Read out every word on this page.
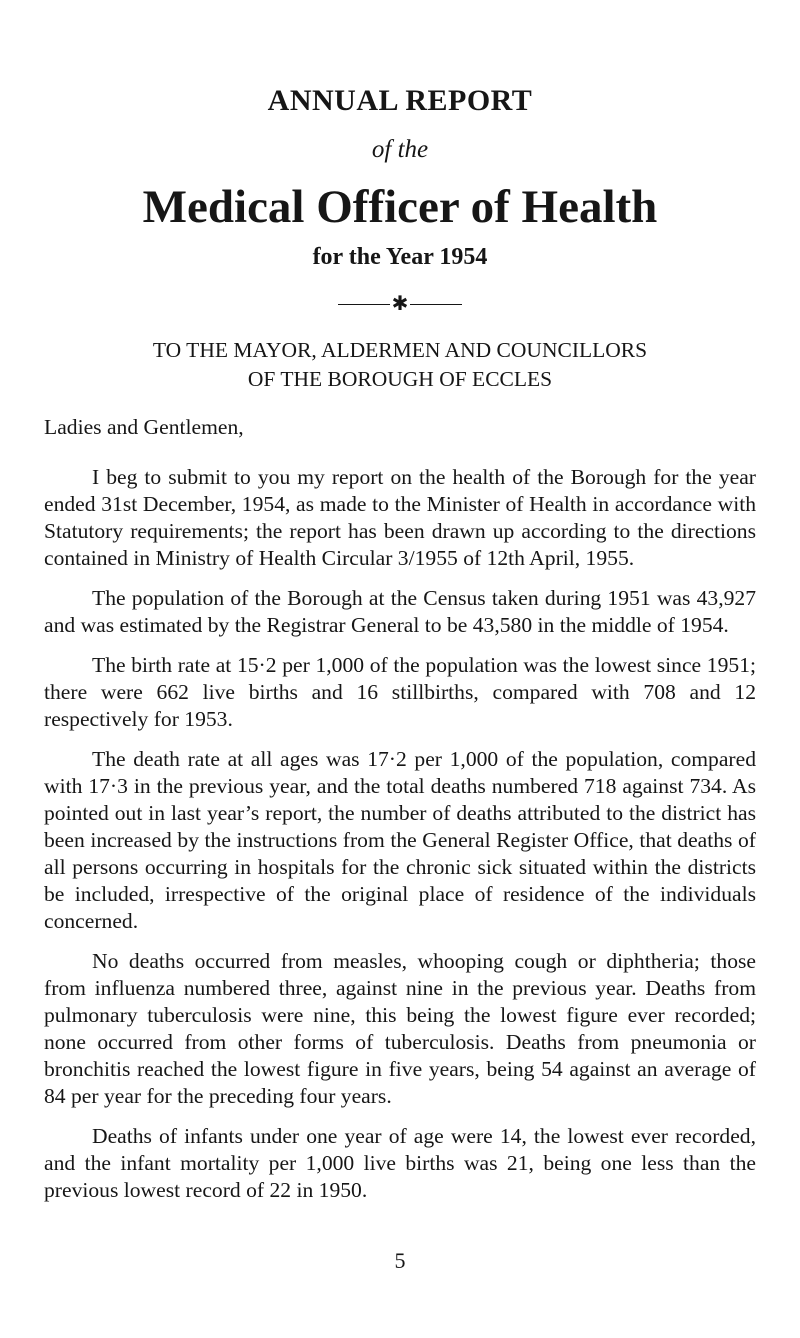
ANNUAL REPORT
of the
Medical Officer of Health
for the Year 1954
✱
TO THE MAYOR, ALDERMEN AND COUNCILLORS
OF THE BOROUGH OF ECCLES
Ladies and Gentlemen,

I beg to submit to you my report on the health of the Borough for the year ended 31st December, 1954, as made to the Minister of Health in accordance with Statutory requirements; the report has been drawn up according to the directions contained in Ministry of Health Circular 3/1955 of 12th April, 1955.

The population of the Borough at the Census taken during 1951 was 43,927 and was estimated by the Registrar General to be 43,580 in the middle of 1954.

The birth rate at 15·2 per 1,000 of the population was the lowest since 1951; there were 662 live births and 16 stillbirths, compared with 708 and 12 respectively for 1953.

The death rate at all ages was 17·2 per 1,000 of the population, compared with 17·3 in the previous year, and the total deaths numbered 718 against 734. As pointed out in last year’s report, the number of deaths attributed to the district has been increased by the instructions from the General Register Office, that deaths of all persons occurring in hospitals for the chronic sick situated within the districts be included, irrespective of the original place of residence of the individuals concerned.

No deaths occurred from measles, whooping cough or diphtheria; those from influenza numbered three, against nine in the previous year. Deaths from pulmonary tuberculosis were nine, this being the lowest figure ever recorded; none occurred from other forms of tuberculosis. Deaths from pneumonia or bronchitis reached the lowest figure in five years, being 54 against an average of 84 per year for the preceding four years.

Deaths of infants under one year of age were 14, the lowest ever recorded, and the infant mortality per 1,000 live births was 21, being one less than the previous lowest record of 22 in 1950.

5
